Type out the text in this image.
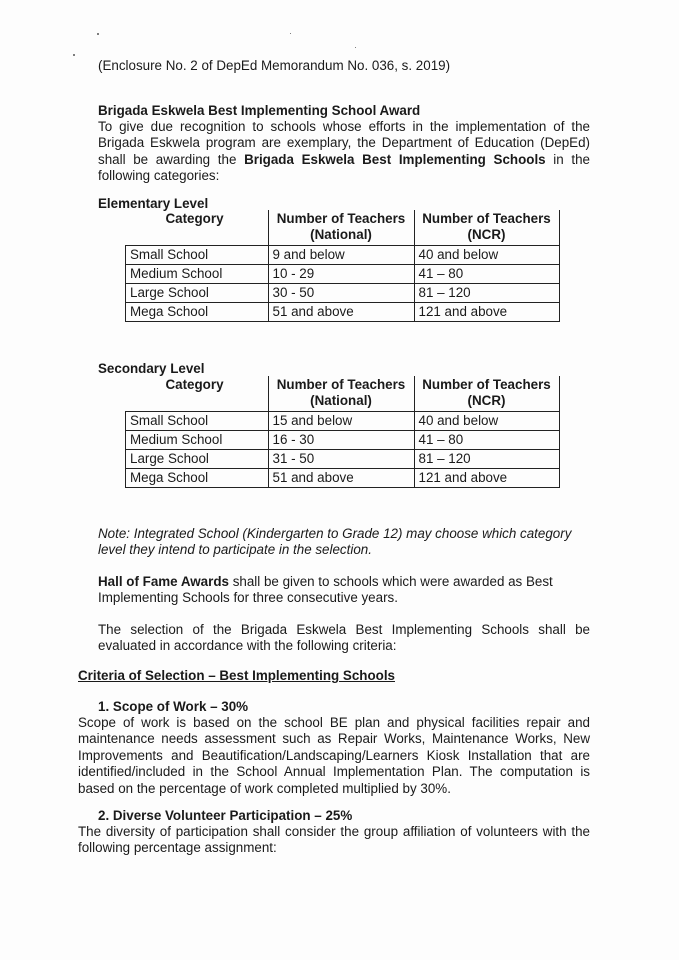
(Enclosure No. 2 of DepEd Memorandum No. 036, s. 2019)
Brigada Eskwela Best Implementing School Award
To give due recognition to schools whose efforts in the implementation of the Brigada Eskwela program are exemplary, the Department of Education (DepEd) shall be awarding the Brigada Eskwela Best Implementing Schools in the following categories:
Elementary Level
Category	Number of Teachers (National)	Number of Teachers (NCR)
Small School	9 and below	40 and below
Medium School	10 - 29	41 – 80
Large School	30 - 50	81 – 120
Mega School	51 and above	121 and above
Secondary Level
Category	Number of Teachers (National)	Number of Teachers (NCR)
Small School	15 and below	40 and below
Medium School	16 - 30	41 – 80
Large School	31 - 50	81 – 120
Mega School	51 and above	121 and above
Note: Integrated School (Kindergarten to Grade 12) may choose which category level they intend to participate in the selection.
Hall of Fame Awards shall be given to schools which were awarded as Best Implementing Schools for three consecutive years.
The selection of the Brigada Eskwela Best Implementing Schools shall be evaluated in accordance with the following criteria:
Criteria of Selection – Best Implementing Schools
1. Scope of Work – 30%
Scope of work is based on the school BE plan and physical facilities repair and maintenance needs assessment such as Repair Works, Maintenance Works, New Improvements and Beautification/Landscaping/Learners Kiosk Installation that are identified/included in the School Annual Implementation Plan. The computation is based on the percentage of work completed multiplied by 30%.
2. Diverse Volunteer Participation – 25%
The diversity of participation shall consider the group affiliation of volunteers with the following percentage assignment:
